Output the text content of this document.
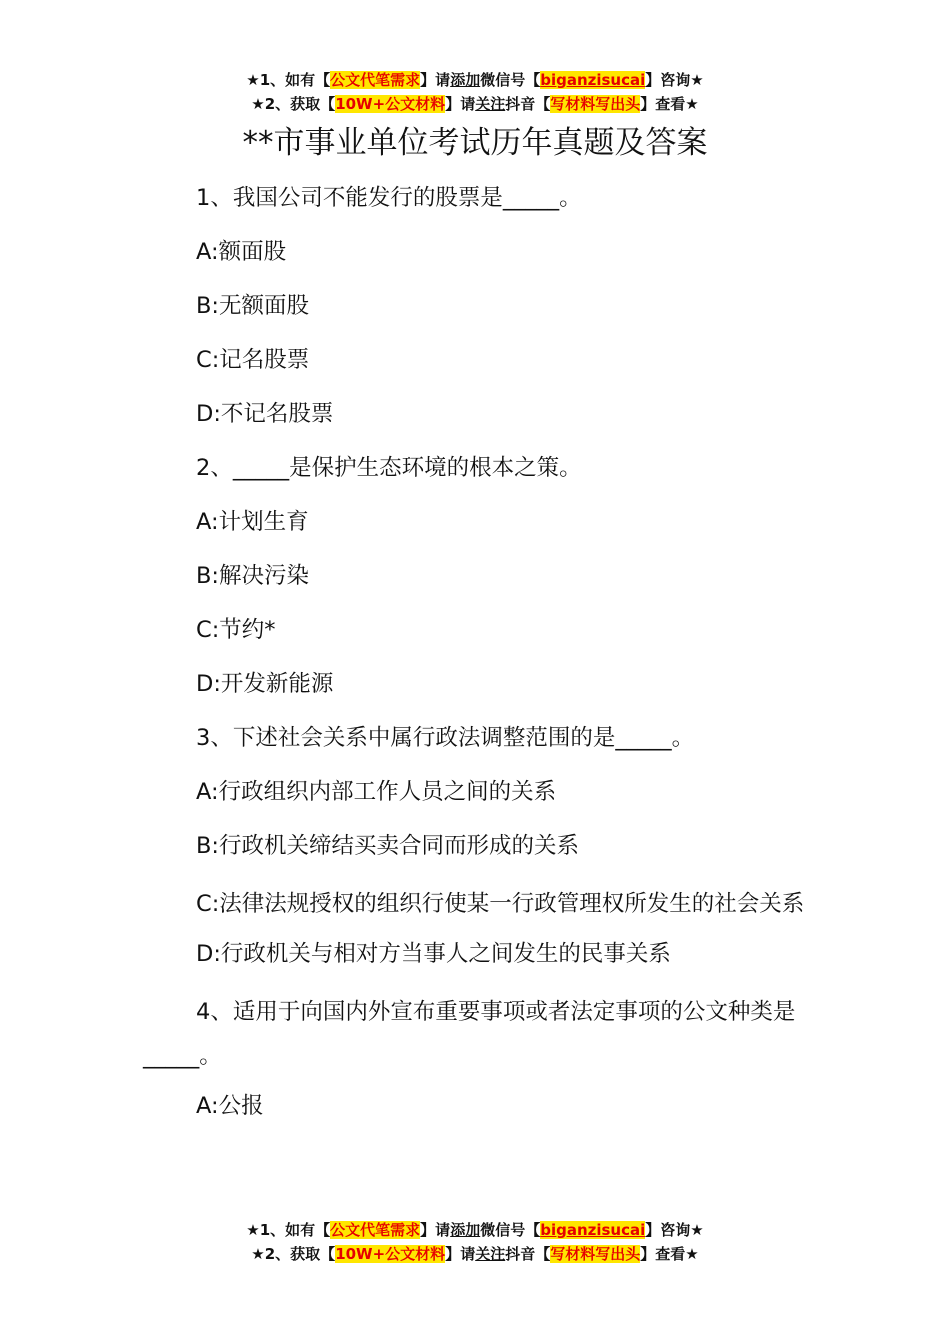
★1、如有【公文代笔需求】请添加微信号【biganzisucai】咨询★
★2、获取【10W+公文材料】请关注抖音【写材料写出头】查看★
**市事业单位考试历年真题及答案

1、我国公司不能发行的股票是_____。

A:额面股

B:无额面股

C:记名股票

D:不记名股票

2、_____是保护生态环境的根本之策。

A:计划生育

B:解决污染

C:节约*

D:开发新能源

3、下述社会关系中属行政法调整范围的是_____。

A:行政组织内部工作人员之间的关系

B:行政机关缔结买卖合同而形成的关系

C:法律法规授权的组织行使某一行政管理权所发生的社会关系

D:行政机关与相对方当事人之间发生的民事关系

4、适用于向国内外宣布重要事项或者法定事项的公文种类是_____。

A:公报

★1、如有【公文代笔需求】请添加微信号【biganzisucai】咨询★
★2、获取【10W+公文材料】请关注抖音【写材料写出头】查看★
